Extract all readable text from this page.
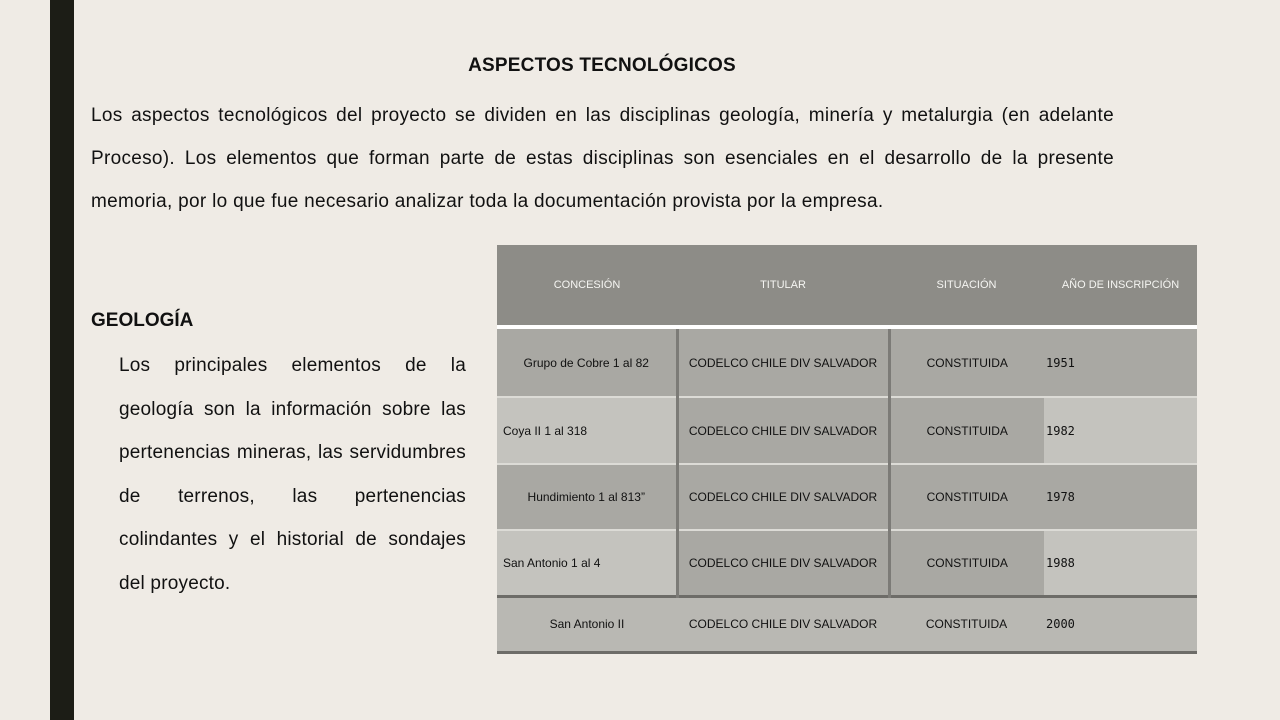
ASPECTOS TECNOLÓGICOS
Los aspectos tecnológicos del proyecto se dividen en las disciplinas geología, minería y metalurgia (en adelante Proceso). Los elementos que forman parte de estas disciplinas son esenciales en el desarrollo de la presente memoria, por lo que fue necesario analizar toda la documentación provista por la empresa.
GEOLOGÍA
Los principales elementos de la geología son la información sobre las pertenencias mineras, las servidumbres de terrenos, las pertenencias colindantes y el historial de sondajes del proyecto.
CONCESIÓN	TITULAR	SITUACIÓN	AÑO DE INSCRIPCIÓN
Grupo de Cobre 1 al 82	CODELCO CHILE DIV SALVADOR	CONSTITUIDA	1951
Coya II 1 al 318	CODELCO CHILE DIV SALVADOR	CONSTITUIDA	1982
Hundimiento 1 al 813”	CODELCO CHILE DIV SALVADOR	CONSTITUIDA	1978
San Antonio 1 al 4	CODELCO CHILE DIV SALVADOR	CONSTITUIDA	1988
San Antonio II	CODELCO CHILE DIV SALVADOR	CONSTITUIDA	2000
